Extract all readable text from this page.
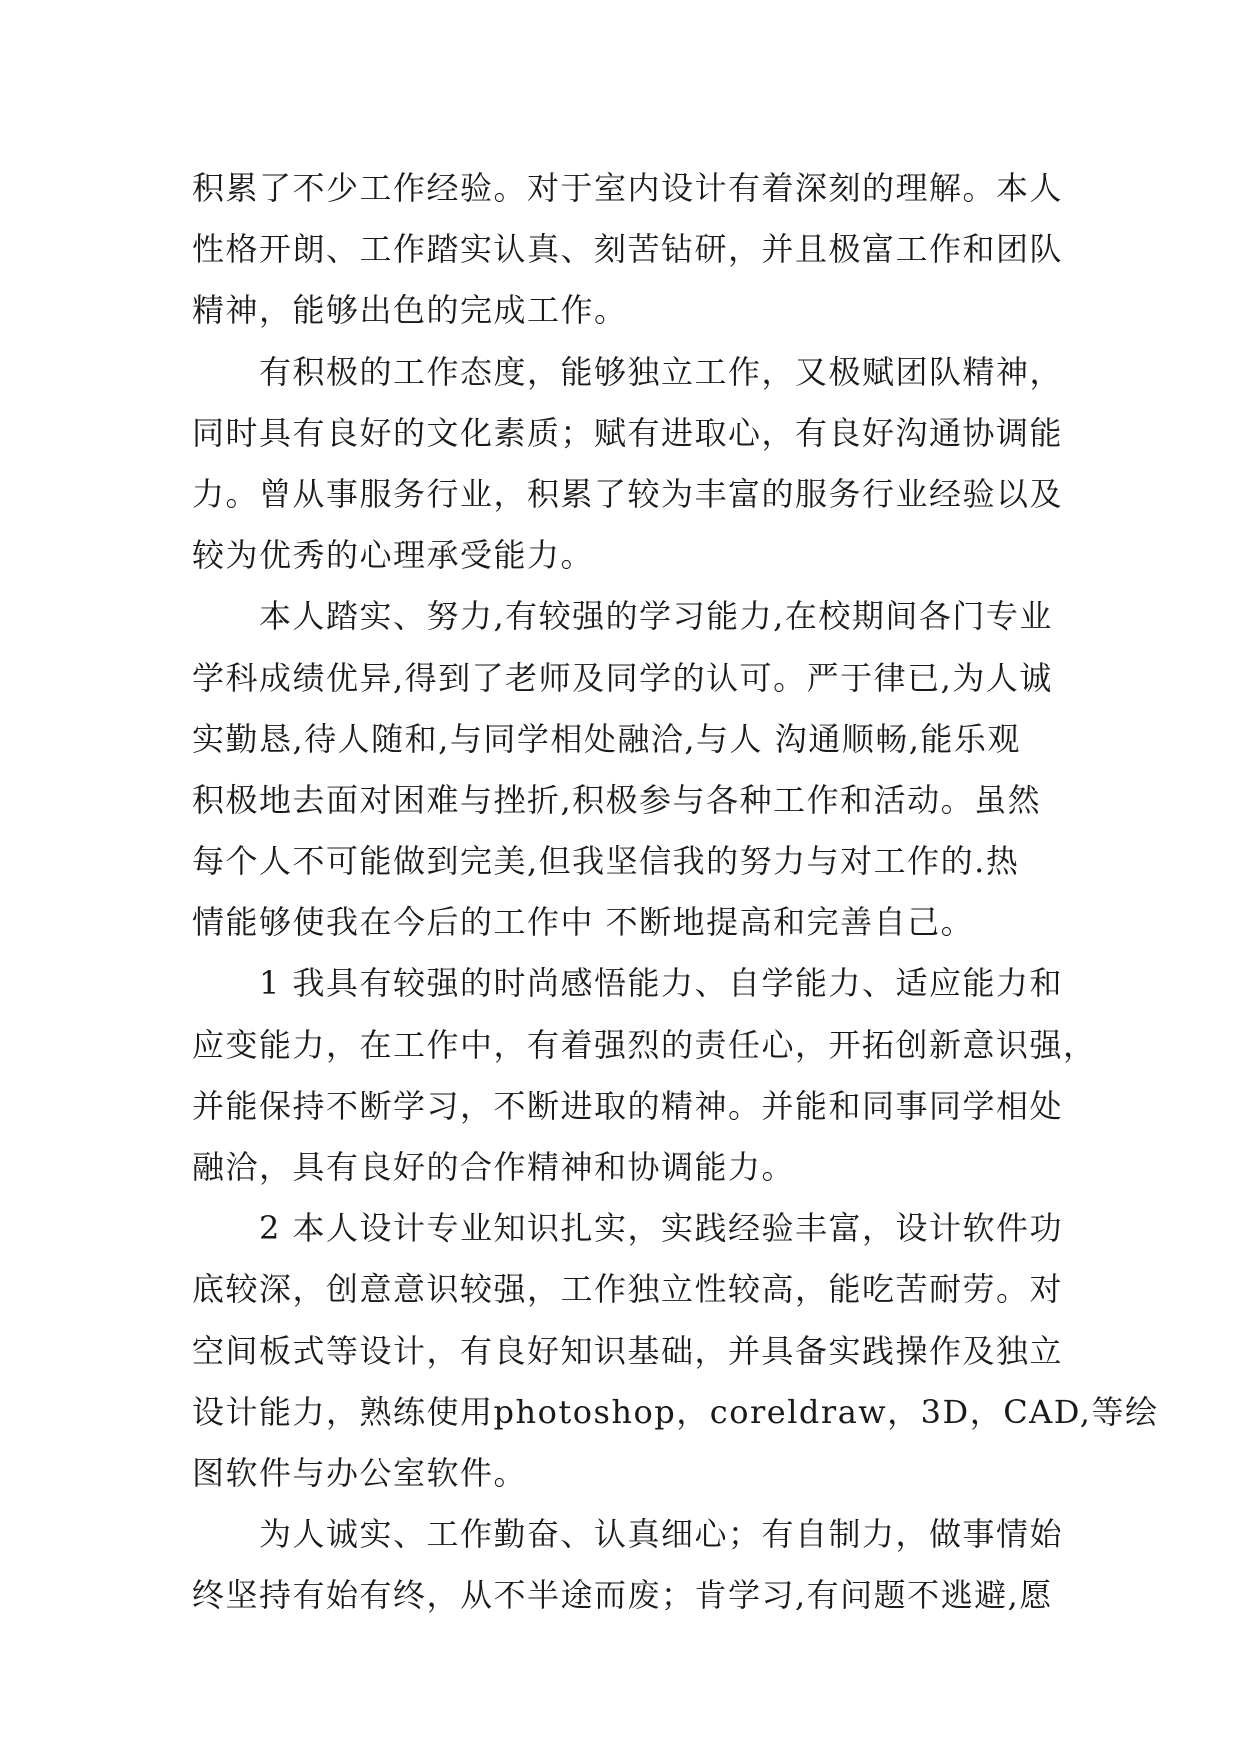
积累了不少工作经验。对于室内设计有着深刻的理解。本人
性格开朗、工作踏实认真、刻苦钻研，并且极富工作和团队
精神，能够出色的完成工作。

　　有积极的工作态度，能够独立工作，又极赋团队精神，
同时具有良好的文化素质；赋有进取心，有良好沟通协调能
力。曾从事服务行业，积累了较为丰富的服务行业经验以及
较为优秀的心理承受能力。

　　本人踏实、努力,有较强的学习能力,在校期间各门专业
学科成绩优异,得到了老师及同学的认可。严于律已,为人诚
实勤恳,待人随和,与同学相处融洽,与人 沟通顺畅,能乐观
积极地去面对困难与挫折,积极参与各种工作和活动。虽然
每个人不可能做到完美,但我坚信我的努力与对工作的.热
情能够使我在今后的工作中 不断地提高和完善自己。

　　1 我具有较强的时尚感悟能力、自学能力、适应能力和
应变能力，在工作中，有着强烈的责任心，开拓创新意识强，
并能保持不断学习，不断进取的精神。并能和同事同学相处
融洽，具有良好的合作精神和协调能力。

　　2 本人设计专业知识扎实，实践经验丰富，设计软件功
底较深，创意意识较强，工作独立性较高，能吃苦耐劳。对
空间板式等设计，有良好知识基础，并具备实践操作及独立
设计能力，熟练使用photoshop，coreldraw，3D，CAD,等绘
图软件与办公室软件。

　　为人诚实、工作勤奋、认真细心；有自制力，做事情始
终坚持有始有终，从不半途而废；肯学习,有问题不逃避,愿
